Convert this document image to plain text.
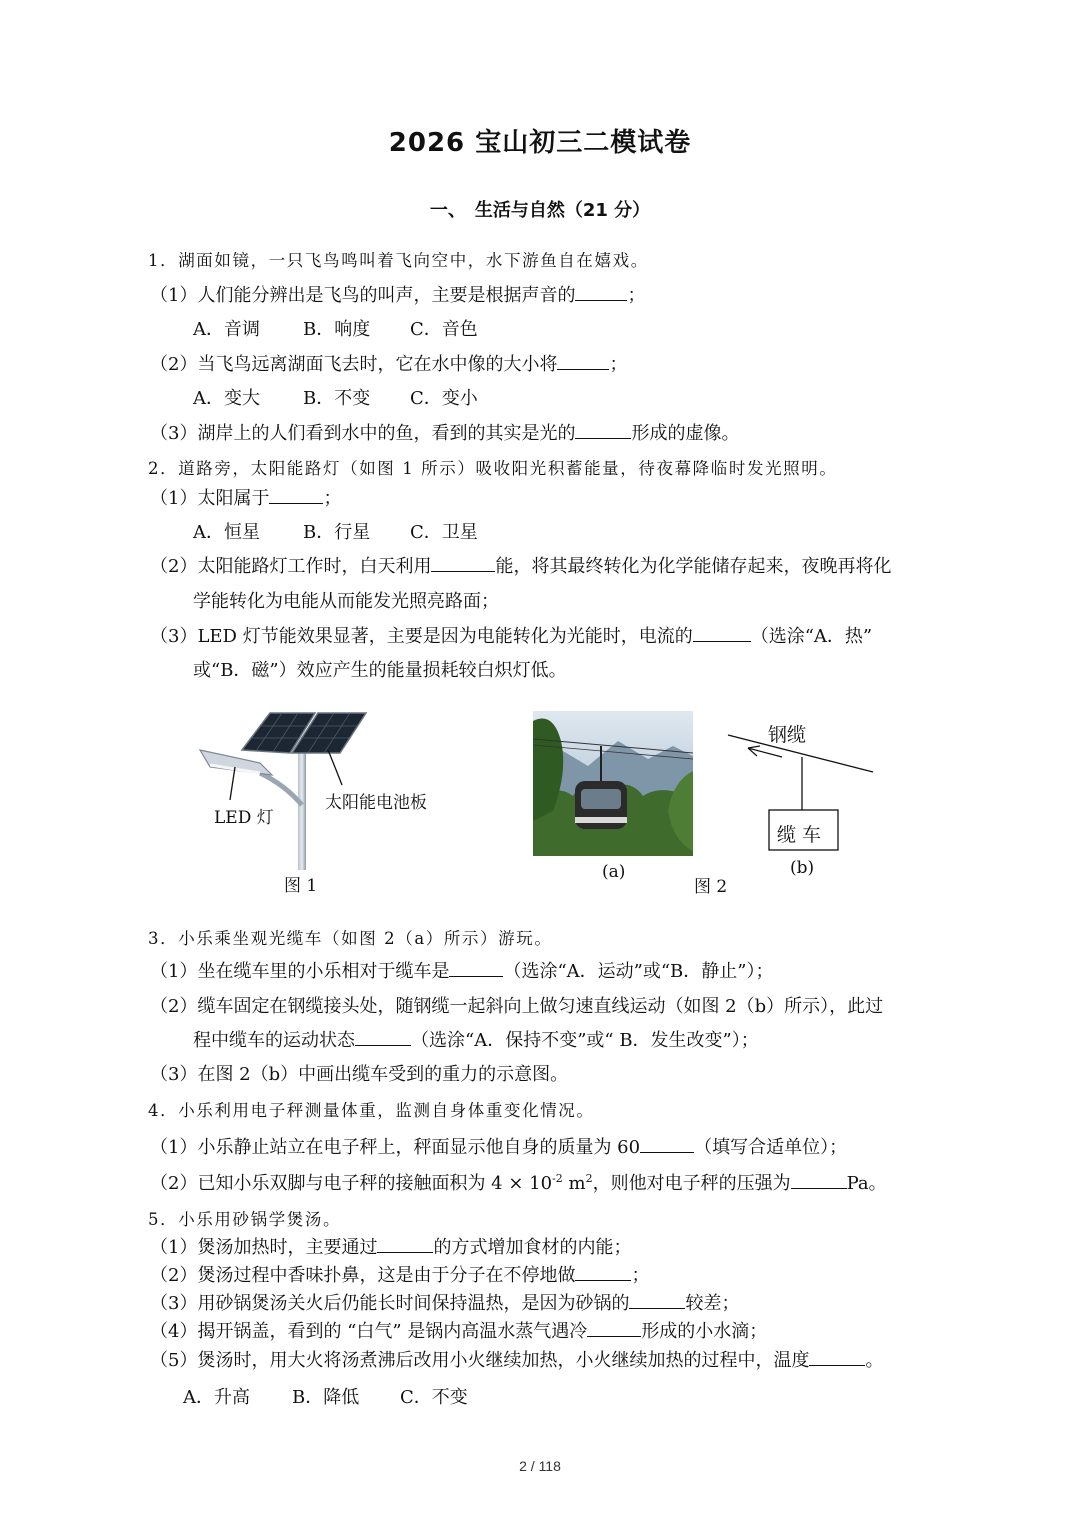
2026 宝山初三二模试卷
一、　生活与自然（21 分）
1．湖面如镜，一只飞鸟鸣叫着飞向空中，水下游鱼自在嬉戏。
（1）人们能分辨出是飞鸟的叫声，主要是根据声音的	；
A．音调 B．响度 C．音色
（2）当飞鸟远离湖面飞去时，它在水中像的大小将	；
A．变大 B．不变 C．变小
（3）湖岸上的人们看到水中的鱼，看到的其实是光的	形成的虚像。
2．道路旁，太阳能路灯（如图 1 所示）吸收阳光积蓄能量，待夜幕降临时发光照明。
（1）太阳属于	；
A．恒星 B．行星 C．卫星
（2）太阳能路灯工作时，白天利用	能，将其最终转化为化学能储存起来，夜晚再将化
学能转化为电能从而能发光照亮路面；
（3）LED 灯节能效果显著，主要是因为电能转化为光能时，电流的	（选涂“A．热”
或“B．磁”）效应产生的能量损耗较白炽灯低。
LED 灯
太阳能电池板
图 1
(a)
图 2
钢缆
缆 车
(b)
3．小乐乘坐观光缆车（如图 2（a）所示）游玩。
（1）坐在缆车里的小乐相对于缆车是	（选涂“A．运动”或“B．静止”）；
（2）缆车固定在钢缆接头处，随钢缆一起斜向上做匀速直线运动（如图 2（b）所示），此过
程中缆车的运动状态	（选涂“A．保持不变”或“ B．发生改变”）；
（3）在图 2（b）中画出缆车受到的重力的示意图。
4．小乐利用电子秤测量体重，监测自身体重变化情况。
（1）小乐静止站立在电子秤上，秤面显示他自身的质量为 60	（填写合适单位）；
（2）已知小乐双脚与电子秤的接触面积为 $4 \times 10^{-2}$ $m^2$，则他对电子秤的压强为	Pa。
5．小乐用砂锅学煲汤。
（1）煲汤加热时，主要通过	的方式增加食材的内能；
（2）煲汤过程中香味扑鼻，这是由于分子在不停地做	；
（3）用砂锅煲汤关火后仍能长时间保持温热，是因为砂锅的	较差；
（4）揭开锅盖，看到的 “白气” 是锅内高温水蒸气遇冷	形成的小水滴；
（5）煲汤时，用大火将汤煮沸后改用小火继续加热，小火继续加热的过程中，温度	。
A．升高 B．降低 C．不变
2 / 118
